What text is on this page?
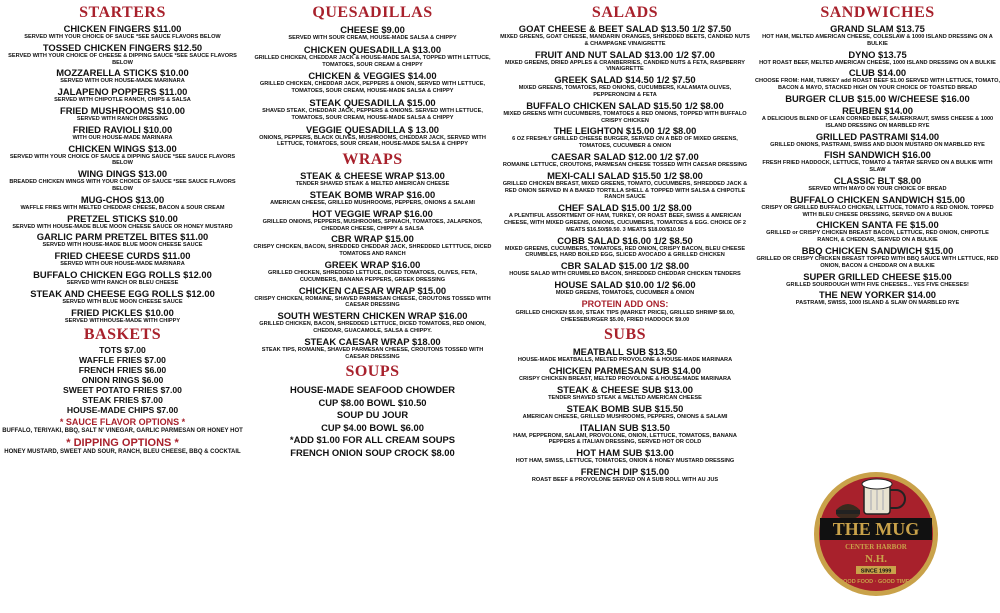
STARTERS
CHICKEN FINGERS $11.00
SERVED WITH YOUR CHOICE OF SAUCE *SEE SAUCE FLAVORS BELOW
TOSSED CHICKEN FINGERS $12.50
SERVED WITH YOUR CHOICE OF CHEESE & DIPPING SAUCE *SEE SAUCE FLAVORS BELOW
MOZZARELLA STICKS $10.00
SERVED WITH OUR HOUSE-MADE MARINARA
JALAPENO POPPERS $11.00
SERVED WITH CHIPOTLE RANCH, CHIPS & SALSA
FRIED MUSHROOMS $10.00
SERVED WITH RANCH DRESSING
FRIED RAVIOLI $10.00
WITH OUR HOUSE-MADE MARINARA
CHICKEN WINGS $13.00
SERVED WITH YOUR CHOICE OF SAUCE & DIPPING SAUCE *SEE SAUCE FLAVORS BELOW
WING DINGS $13.00
BREADED CHICKEN WINGS WITH YOUR CHOICE OF SAUCE *SEE SAUCE FLAVORS BELOW
MUG-CHOS $13.00
WAFFLE FRIES WITH MELTED CHEDDAR CHEESE, BACON & SOUR CREAM
PRETZEL STICKS $10.00
SERVED WITH HOUSE-MADE BLUE MOON CHEESE SAUCE OR HONEY MUSTARD
GARLIC PARM PRETZEL BITES $11.00
SERVED WITH HOUSE-MADE BLUE MOON CHEESE SAUCE
FRIED CHEESE CURDS $11.00
SERVED WITH OUR HOUSE-MADE MARINARA
BUFFALO CHICKEN EGG ROLLS $12.00
SERVED WITH RANCH OR BLEU CHEESE
STEAK AND CHEESE EGG ROLLS $12.00
SERVED WITH BLUE MOON CHEESE SAUCE
FRIED PICKLES $10.00
SERVED WITHHOUSE-MADE WITH CHIPPY
BASKETS
TOTS $7.00
WAFFLE FRIES $7.00
FRENCH FRIES $6.00
ONION RINGS $6.00
SWEET POTATO FRIES $7.00
STEAK FRIES $7.00
HOUSE-MADE CHIPS $7.00
* SAUCE FLAVOR OPTIONS *
BUFFALO, TERIYAKI, BBQ, SALT N' VINEGAR, GARLIC PARMESAN OR HONEY HOT
* DIPPING OPTIONS *
HONEY MUSTARD, SWEET AND SOUR, RANCH, BLEU CHEESE, BBQ & COCKTAIL
QUESADILLAS
CHEESE $9.00
SERVED WITH SOUR CREAM, HOUSE-MADE SALSA & CHIPPY
CHICKEN QUESADILLA $13.00
GRILLED CHICKEN, CHEDDAR JACK & HOUSE-MADE SALSA, TOPPED WITH LETTUCE, TOMATOES, SOUR CREAM & CHIPPY
CHICKEN & VEGGIES $14.00
GRILLED CHICKEN, CHEDDAR JACK, PEPPERS & ONION, SERVED WITH LETTUCE, TOMATOES, SOUR CREAM, HOUSE-MADE SALSA & CHIPPY
STEAK QUESADILLA $15.00
SHAVED STEAK, CHEDDAR JACK, PEPPERS & ONIONS. SERVED WITH LETTUCE, TOMATOES, SOUR CREAM, HOUSE-MADE SALSA & CHIPPY
VEGGIE QUESADILLA $ 13.00
ONIONS, PEPPERS, BLACK OLIVES, MUSHROOMS, CHEDDAR JACK, SERVED WITH LETTUCE, TOMATOES, SOUR CREAM, HOUSE-MADE SALSA & CHIPPY
WRAPS
STEAK & CHEESE WRAP $13.00
TENDER SHAVED STEAK & MELTED AMERICAN CHEESE
STEAK BOMB WRAP $16.00
AMERICAN CHEESE, GRILLED MUSHROOMS, PEPPERS, ONIONS & SALAMI
HOT VEGGIE WRAP $16.00
GRILLED ONIONS, PEPPERS, MUSHROOMS, SPINACH, TOMATOES, JALAPENOS, CHEDDAR CHEESE, CHIPPY & SALSA
CBR WRAP $15.00
CRISPY CHICKEN, BACON, SHREDDED CHEDDAR JACK, SHREDDED LETTTUCE, DICED TOMATOES AND RANCH
GREEK WRAP $16.00
GRILLED CHICKEN, SHREDDED LETTUCE, DICED TOMATOES, OLIVES, FETA, CUCUMBERS, BANANA PEPPERS, GREEK DRESSING
CHICKEN CAESAR WRAP $15.00
CRISPY CHICKEN, ROMAINE, SHAVED PARMESAN CHEESE, CROUTONS TOSSED WITH CAESAR DRESSING
SOUTH WESTERN CHICKEN WRAP $16.00
GRILLED CHICKEN, BACON, SHREDDED LETTUCE, DICED TOMATOES, RED ONION, CHEDDAR, GUACAMOLE, SALSA & CHIPPY.
STEAK CAESAR WRAP $18.00
STEAK TIPS, ROMAINE, SHAVED PARMESAN CHEESE, CROUTONS TOSSED WITH CAESAR DRESSING
SOUPS
HOUSE-MADE SEAFOOD CHOWDER
CUP $8.00 BOWL $10.50
SOUP DU JOUR
CUP $4.00 BOWL $6.00
*ADD $1.00 FOR ALL CREAM SOUPS
FRENCH ONION SOUP CROCK $8.00
SALADS
GOAT CHEESE & BEET SALAD $13.50 1/2 $7.50
MIXED GREENS, GOAT CHEESE, MANDARIN ORANGES, SHREDDED BEETS, CANDIED NUTS & CHAMPAGNE VINAIGRETTE
FRUIT AND NUT SALAD $13.00 1/2 $7.00
MIXED GREENS, DRIED APPLES & CRANBERRIES, CANDIED NUTS & FETA, RASPBERRY VINAIGRETTE
GREEK SALAD $14.50 1/2 $7.50
MIXED GREENS, TOMATOES, RED ONIONS, CUCUMBERS, KALAMATA OLIVES, PEPPERONCINI & FETA
BUFFALO CHICKEN SALAD $15.50 1/2 $8.00
MIXED GREENS WITH CUCUMBERS, TOMATOES & RED ONIONS, TOPPED WITH BUFFALO CRISPY CHICKEN
THE LEIGHTON $15.00 1/2 $8.00
6 OZ FRESHLY GRILLED CHEESE BURGER, SERVED ON A BED OF MIXED GREENS, TOMATOES, CUCUMBER & ONION
CAESAR SALAD $12.00 1/2 $7.00
ROMAINE LETTUCE, CROUTONS, PARMESAN CHEESE TOSSED WITH CAESAR DRESSING
MEXI-CALI SALAD $15.50 1/2 $8.00
GRILLED CHICKEN BREAST, MIXED GREENS, TOMATO, CUCUMBERS, SHREDDED JACK & RED ONION SERVED IN A BAKED TORTILLA SHELL & TOPPED WITH SALSA & CHIPOTLE RANCH SAUCE
CHEF SALAD $15.00 1/2 $8.00
A PLENTIFUL ASSORTMENT OF HAM, TURKEY, OR ROAST BEEF, SWISS & AMERICAN CHEESE, WITH MIXED GREENS, ONIONS, CUCUMBERS, TOMATOES & EGG. CHOICE OF 2 MEATS $16.50/$9.50. 3 MEATS $18.00/$10.50
COBB SALAD $16.00 1/2 $8.50
MIXED GREENS, CUCUMBERS, TOMATOES, RED ONION, CRISPY BACON, BLEU CHEESE CRUMBLES, HARD BOILED EGG, SLICED AVOCADO & GRILLED CHICKEN
CBR SALAD $15.00 1/2 $8.00
HOUSE SALAD WITH CRUMBLED BACON, SHREDDED CHEDDAR CHICKEN TENDERS
HOUSE SALAD $10.00 1/2 $6.00
MIXED GREENS, TOMATOES, CUCUMBER & ONION
PROTEIN ADD ONS:
GRILLED CHICKEN $5.00, STEAK TIPS (MARKET PRICE), GRILLED SHRIMP $8.00, CHEESEBURGER $5.00, FRIED HADDOCK $9.00
SUBS
MEATBALL SUB $13.50
HOUSE-MADE MEATBALLS, MELTED PROVOLONE & HOUSE-MADE MARINARA
CHICKEN PARMESAN SUB $14.00
CRISPY CHICKEN BREAST, MELTED PROVOLONE & HOUSE-MADE MARINARA
STEAK & CHEESE SUB $13.00
TENDER SHAVED STEAK & MELTED AMERICAN CHEESE
STEAK BOMB SUB $15.50
AMERICAN CHEESE, GRILLED MUSHROOMS, PEPPERS, ONIONS & SALAMI
ITALIAN SUB $13.50
HAM, PEPPERONI, SALAMI, PROVOLONE, ONION, LETTUCE, TOMATOES, BANANA PEPPERS & ITALIAN DRESSING, SERVED HOT OR COLD
HOT HAM SUB $13.00
HOT HAM, SWISS, LETTUCE, TOMATOES, ONION & HONEY MUSTARD DRESSING
FRENCH DIP $15.00
ROAST BEEF & PROVOLONE SERVED ON A SUB ROLL WITH AU JUS
SANDWICHES
GRAND SLAM $13.75
HOT HAM, MELTED AMERICAN CHEESE, COLESLAW & 1000 ISLAND DRESSING ON A BULKIE
DYNO $13.75
HOT ROAST BEEF, MELTED AMERICAN CHEESE, 1000 ISLAND DRESSING ON A BULKIE
CLUB $14.00
CHOOSE FROM: HAM, TURKEY add ROAST BEEF $1.00 SERVED WITH LETTUCE, TOMATO, BACON & MAYO, STACKED HIGH ON YOUR CHOICE OF TOASTED BREAD
BURGER CLUB $15.00 W/CHEESE $16.00
REUBEN $14.00
A DELICIOUS BLEND OF LEAN CORNED BEEF, SAUERKRAUT, SWISS CHEESE & 1000 ISLAND DRESSING ON MARBLED RYE
GRILLED PASTRAMI $14.00
GRILLED ONIONS, PASTRAMI, SWISS AND DIJON MUSTARD ON MARBLED RYE
FISH SANDWICH $16.00
FRESH FRIED HADDOCK, LETTUCE, TOMATO & TARTAR SERVED ON A BULKIE WITH SLAW
CLASSIC BLT $8.00
SERVED WITH MAYO ON YOUR CHOICE OF BREAD
BUFFALO CHICKEN SANDWICH $15.00
CRISPY OR GRILLED BUFFALO CHICKEN, LETTUCE, TOMATO & RED ONION. TOPPED WITH BLEU CHEESE DRESSING, SERVED ON A BULKIE
CHICKEN SANTA FE $15.00
GRILLED or CRISPY CHICKEN BREAST BACON, LETTUCE, RED ONION, CHIPOTLE RANCH, & CHEDDAR, SERVED ON A BULKIE
BBQ CHICKEN SANDWICH $15.00
GRILLED OR CRISPY CHICKEN BREAST TOPPED WITH BBQ SAUCE WITH LETTUCE, RED ONION, BACON & CHEDDAR ON A BULKIE
SUPER GRILLED CHEESE $15.00
GRILLED SOURDOUGH WITH FIVE CHEESES... YES FIVE CHEESES!
THE NEW YORKER $14.00
PASTRAMI, SWISS, 1000 ISLAND & SLAW ON MARBLED RYE
THE MUG
CENTER HARBOR
N.H.
SINCE 1999
GOOD FOOD · GOOD TIMES
